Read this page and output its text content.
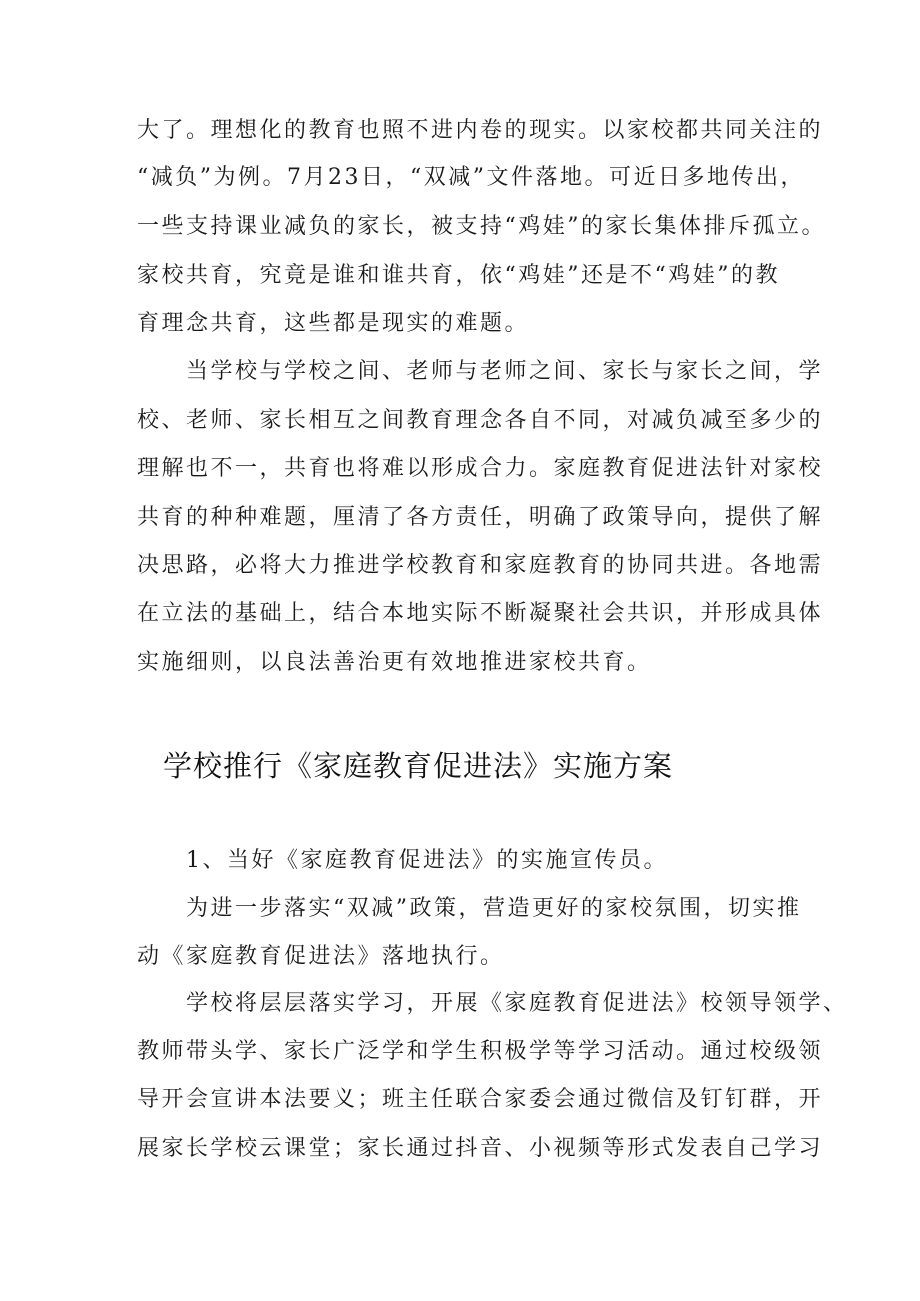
大了。理想化的教育也照不进内卷的现实。以家校都共同关注的
“减负”为例。7月23日，“双减”文件落地。可近日多地传出，
一些支持课业减负的家长，被支持“鸡娃”的家长集体排斥孤立。
家校共育，究竟是谁和谁共育，依“鸡娃”还是不“鸡娃”的教
育理念共育，这些都是现实的难题。
当学校与学校之间、老师与老师之间、家长与家长之间，学
校、老师、家长相互之间教育理念各自不同，对减负减至多少的
理解也不一，共育也将难以形成合力。家庭教育促进法针对家校
共育的种种难题，厘清了各方责任，明确了政策导向，提供了解
决思路，必将大力推进学校教育和家庭教育的协同共进。各地需
在立法的基础上，结合本地实际不断凝聚社会共识，并形成具体
实施细则，以良法善治更有效地推进家校共育。
学校推行《家庭教育促进法》实施方案
1、当好《家庭教育促进法》的实施宣传员。
为进一步落实“双减”政策，营造更好的家校氛围，切实推
动《家庭教育促进法》落地执行。
学校将层层落实学习，开展《家庭教育促进法》校领导领学、
教师带头学、家长广泛学和学生积极学等学习活动。通过校级领
导开会宣讲本法要义；班主任联合家委会通过微信及钉钉群，开
展家长学校云课堂；家长通过抖音、小视频等形式发表自己学习
